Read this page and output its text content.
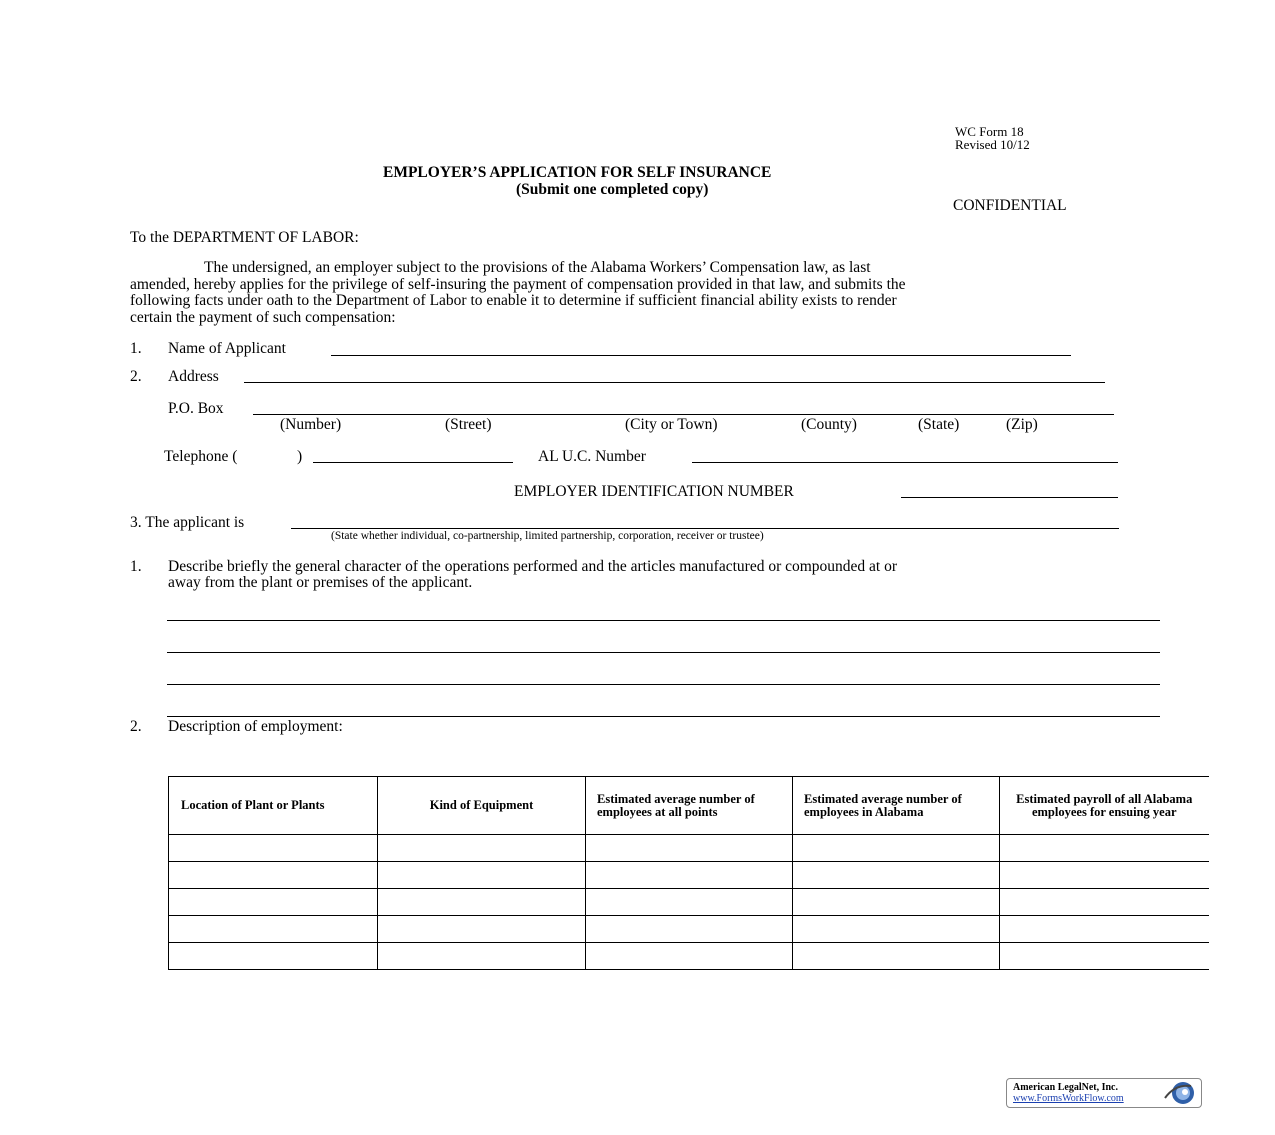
WC Form 18
Revised 10/12
EMPLOYER’S APPLICATION FOR SELF INSURANCE
(Submit one completed copy)
CONFIDENTIAL
To the DEPARTMENT OF LABOR:
The undersigned, an employer subject to the provisions of the Alabama Workers’ Compensation law, as last
amended, hereby applies for the privilege of self-insuring the payment of compensation provided in that law, and submits the
following facts under oath to the Department of Labor to enable it to determine if sufficient financial ability exists to render
certain the payment of such compensation:
1. Name of Applicant
2. Address
P.O. Box
(Number)	(Street)	(City or Town)	(County)	(State)	(Zip)
Telephone (	)	AL U.C. Number
EMPLOYER IDENTIFICATION NUMBER
3. The applicant is
(State whether individual, co-partnership, limited partnership, corporation, receiver or trustee)
1. Describe briefly the general character of the operations performed and the articles manufactured or compounded at or
away from the plant or premises of the applicant.
2. Description of employment:
Location of Plant or Plants	Kind of Equipment	Estimated average number of employees at all points	Estimated average number of employees in Alabama	Estimated payroll of all Alabama employees for ensuing year

American LegalNet, Inc.
www.FormsWorkFlow.com
